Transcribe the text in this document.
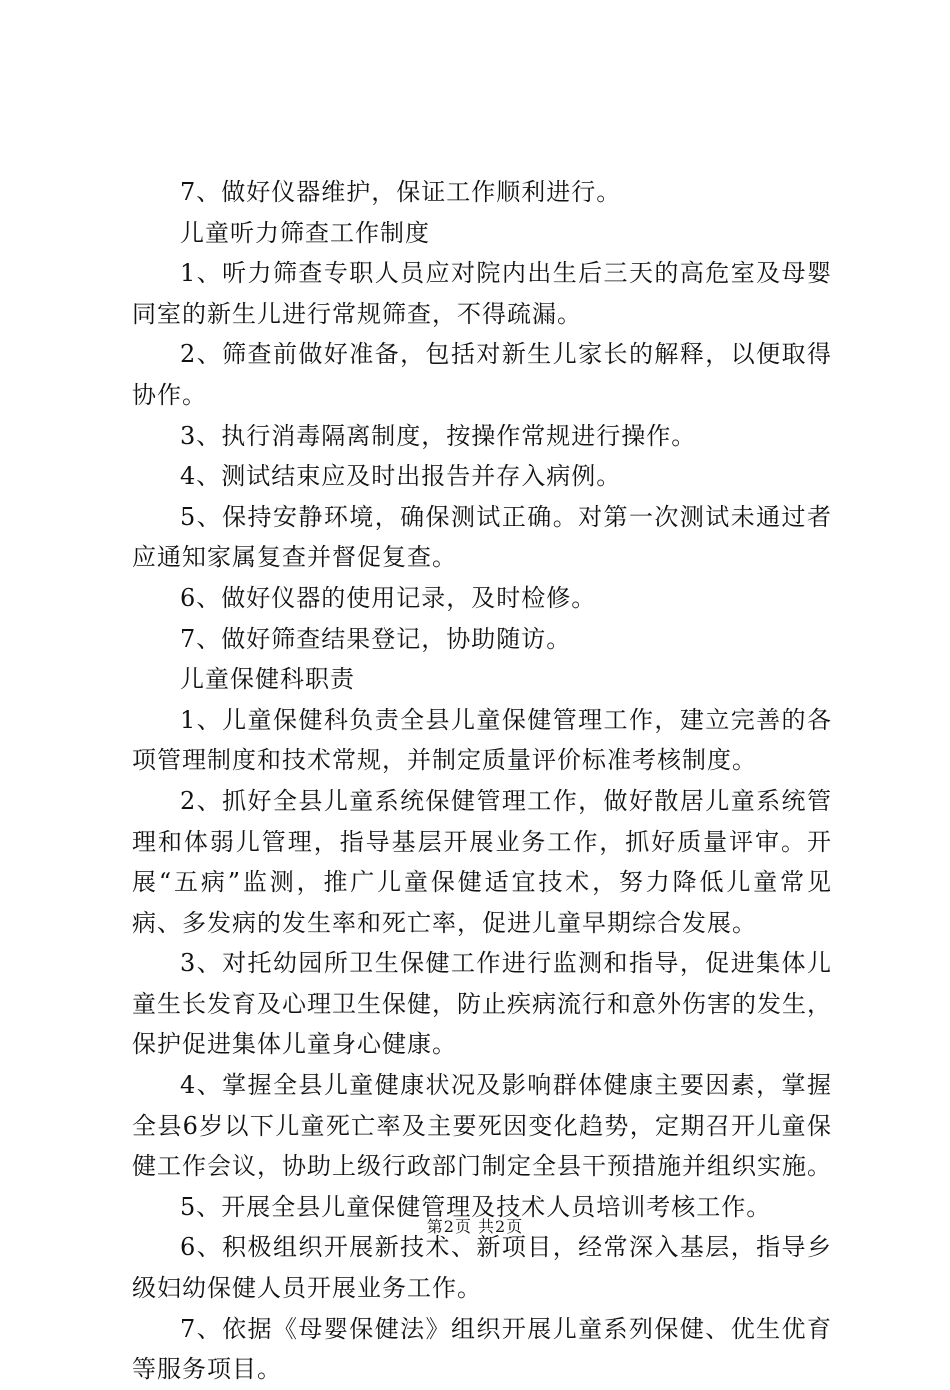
7、做好仪器维护，保证工作顺利进行。

儿童听力筛查工作制度

1、听力筛查专职人员应对院内出生后三天的高危室及母婴同室的新生儿进行常规筛查，不得疏漏。

2、筛查前做好准备，包括对新生儿家长的解释，以便取得协作。

3、执行消毒隔离制度，按操作常规进行操作。

4、测试结束应及时出报告并存入病例。

5、保持安静环境，确保测试正确。对第一次测试未通过者应通知家属复查并督促复查。

6、做好仪器的使用记录，及时检修。

7、做好筛查结果登记，协助随访。

儿童保健科职责

1、儿童保健科负责全县儿童保健管理工作，建立完善的各项管理制度和技术常规，并制定质量评价标准考核制度。

2、抓好全县儿童系统保健管理工作，做好散居儿童系统管理和体弱儿管理，指导基层开展业务工作，抓好质量评审。开展“五病”监测，推广儿童保健适宜技术，努力降低儿童常见病、多发病的发生率和死亡率，促进儿童早期综合发展。

3、对托幼园所卫生保健工作进行监测和指导，促进集体儿童生长发育及心理卫生保健，防止疾病流行和意外伤害的发生，保护促进集体儿童身心健康。

4、掌握全县儿童健康状况及影响群体健康主要因素，掌握全县6岁以下儿童死亡率及主要死因变化趋势，定期召开儿童保健工作会议，协助上级行政部门制定全县干预措施并组织实施。

5、开展全县儿童保健管理及技术人员培训考核工作。

6、积极组织开展新技术、新项目，经常深入基层，指导乡级妇幼保健人员开展业务工作。

7、依据《母婴保健法》组织开展儿童系列保健、优生优育等服务项目。

第2页 共2页
